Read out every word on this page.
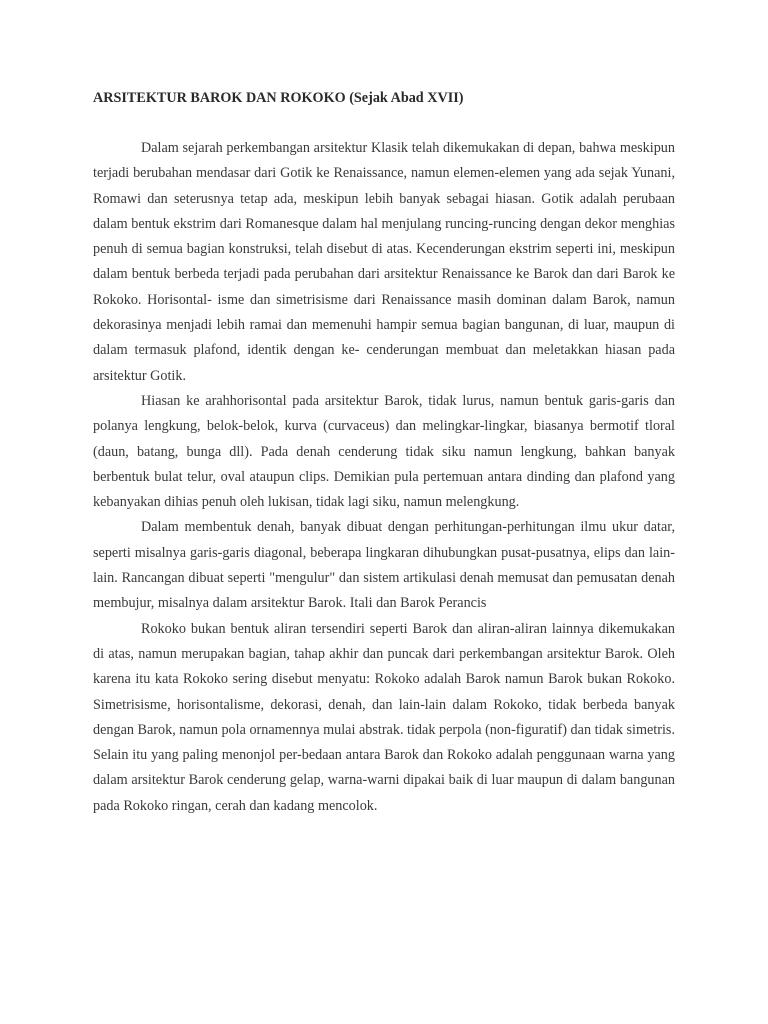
ARSITEKTUR BAROK DAN ROKOKO (Sejak Abad XVII)

Dalam sejarah perkembangan arsitektur Klasik telah dikemukakan di depan, bahwa meskipun terjadi berubahan mendasar dari Gotik ke Renaissance, namun elemen-elemen yang ada sejak Yunani, Romawi dan seterusnya tetap ada, meskipun lebih banyak sebagai hiasan. Gotik adalah perubaan dalam bentuk ekstrim dari Romanesque dalam hal menjulang runcing-runcing dengan dekor menghias penuh di semua bagian konstruksi, telah disebut di atas. Kecenderungan ekstrim seperti ini, meskipun dalam bentuk berbeda terjadi pada perubahan dari arsitektur Renaissance ke Barok dan dari Barok ke Rokoko. Horisontal- isme dan simetrisisme dari Renaissance masih dominan dalam Barok, namun dekorasinya menjadi lebih ramai dan memenuhi hampir semua bagian bangunan, di luar, maupun di dalam termasuk plafond, identik dengan ke- cenderungan membuat dan meletakkan hiasan pada arsitektur Gotik.

Hiasan ke arahhorisontal pada arsitektur Barok, tidak lurus, namun bentuk garis-garis dan polanya lengkung, belok-belok, kurva (curvaceus) dan melingkar-lingkar, biasanya bermotif tloral (daun, batang, bunga dll). Pada denah cenderung tidak siku namun lengkung, bahkan banyak berbentuk bulat telur, oval ataupun clips. Demikian pula pertemuan antara dinding dan plafond yang kebanyakan dihias penuh oleh lukisan, tidak lagi siku, namun melengkung.

Dalam membentuk denah, banyak dibuat dengan perhitungan-perhitungan ilmu ukur datar, seperti misalnya garis-garis diagonal, beberapa lingkaran dihubungkan pusat-pusatnya, elips dan lain-lain. Rancangan dibuat seperti "mengulur" dan sistem artikulasi denah memusat dan pemusatan denah membujur, misalnya dalam arsitektur Barok. Itali dan Barok Perancis

Rokoko bukan bentuk aliran tersendiri seperti Barok dan aliran-aliran lainnya dikemukakan di atas, namun merupakan bagian, tahap akhir dan puncak dari perkembangan arsitektur Barok. Oleh karena itu kata Rokoko sering disebut menyatu: Rokoko adalah Barok namun Barok bukan Rokoko. Simetrisisme, horisontalisme, dekorasi, denah, dan lain-lain dalam Rokoko, tidak berbeda banyak dengan Barok, namun pola ornamennya mulai abstrak. tidak perpola (non-figuratif) dan tidak simetris. Selain itu yang paling menonjol per-bedaan antara Barok dan Rokoko adalah penggunaan warna yang dalam arsitektur Barok cenderung gelap, warna-warni dipakai baik di luar maupun di dalam bangunan pada Rokoko ringan, cerah dan kadang mencolok.
